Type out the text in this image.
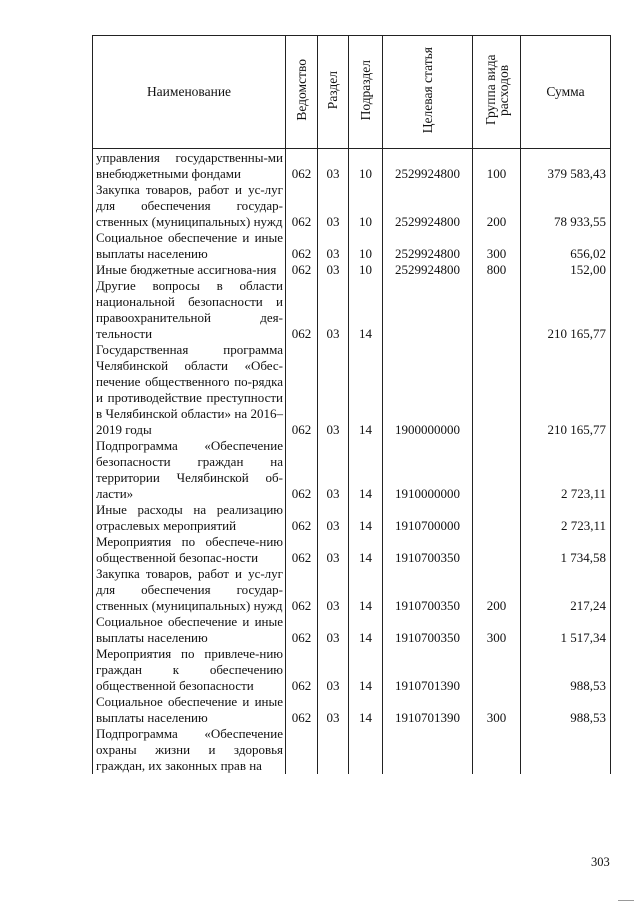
Наименование	Ведомство	Раздел	Подраздел	Целевая статья	Группа вида расходов	Сумма
управления государственны-ми внебюджетными фондами	062	03	10	2529924800	100	379 583,43
Закупка товаров, работ и ус-луг для обеспечения государ-ственных (муниципальных) нужд	062	03	10	2529924800	200	78 933,55
Социальное обеспечение и иные выплаты населению	062	03	10	2529924800	300	656,02
Иные бюджетные ассигнова-ния	062	03	10	2529924800	800	152,00
Другие вопросы в области национальной безопасности и правоохранительной дея-тельности	062	03	14			210 165,77
Государственная программа Челябинской области «Обес-печение общественного по-рядка и противодействие преступности в Челябинской области» на 2016–2019 годы	062	03	14	1900000000		210 165,77
Подпрограмма «Обеспечение безопасности граждан на территории Челябинской об-ласти»	062	03	14	1910000000		2 723,11
Иные расходы на реализацию отраслевых мероприятий	062	03	14	1910700000		2 723,11
Мероприятия по обеспече-нию общественной безопас-ности	062	03	14	1910700350		1 734,58
Закупка товаров, работ и ус-луг для обеспечения государ-ственных (муниципальных) нужд	062	03	14	1910700350	200	217,24
Социальное обеспечение и иные выплаты населению	062	03	14	1910700350	300	1 517,34
Мероприятия по привлече-нию граждан к обеспечению общественной безопасности	062	03	14	1910701390		988,53
Социальное обеспечение и иные выплаты населению	062	03	14	1910701390	300	988,53
Подпрограмма «Обеспечение охраны жизни и здоровья граждан, их законных прав на						
303
